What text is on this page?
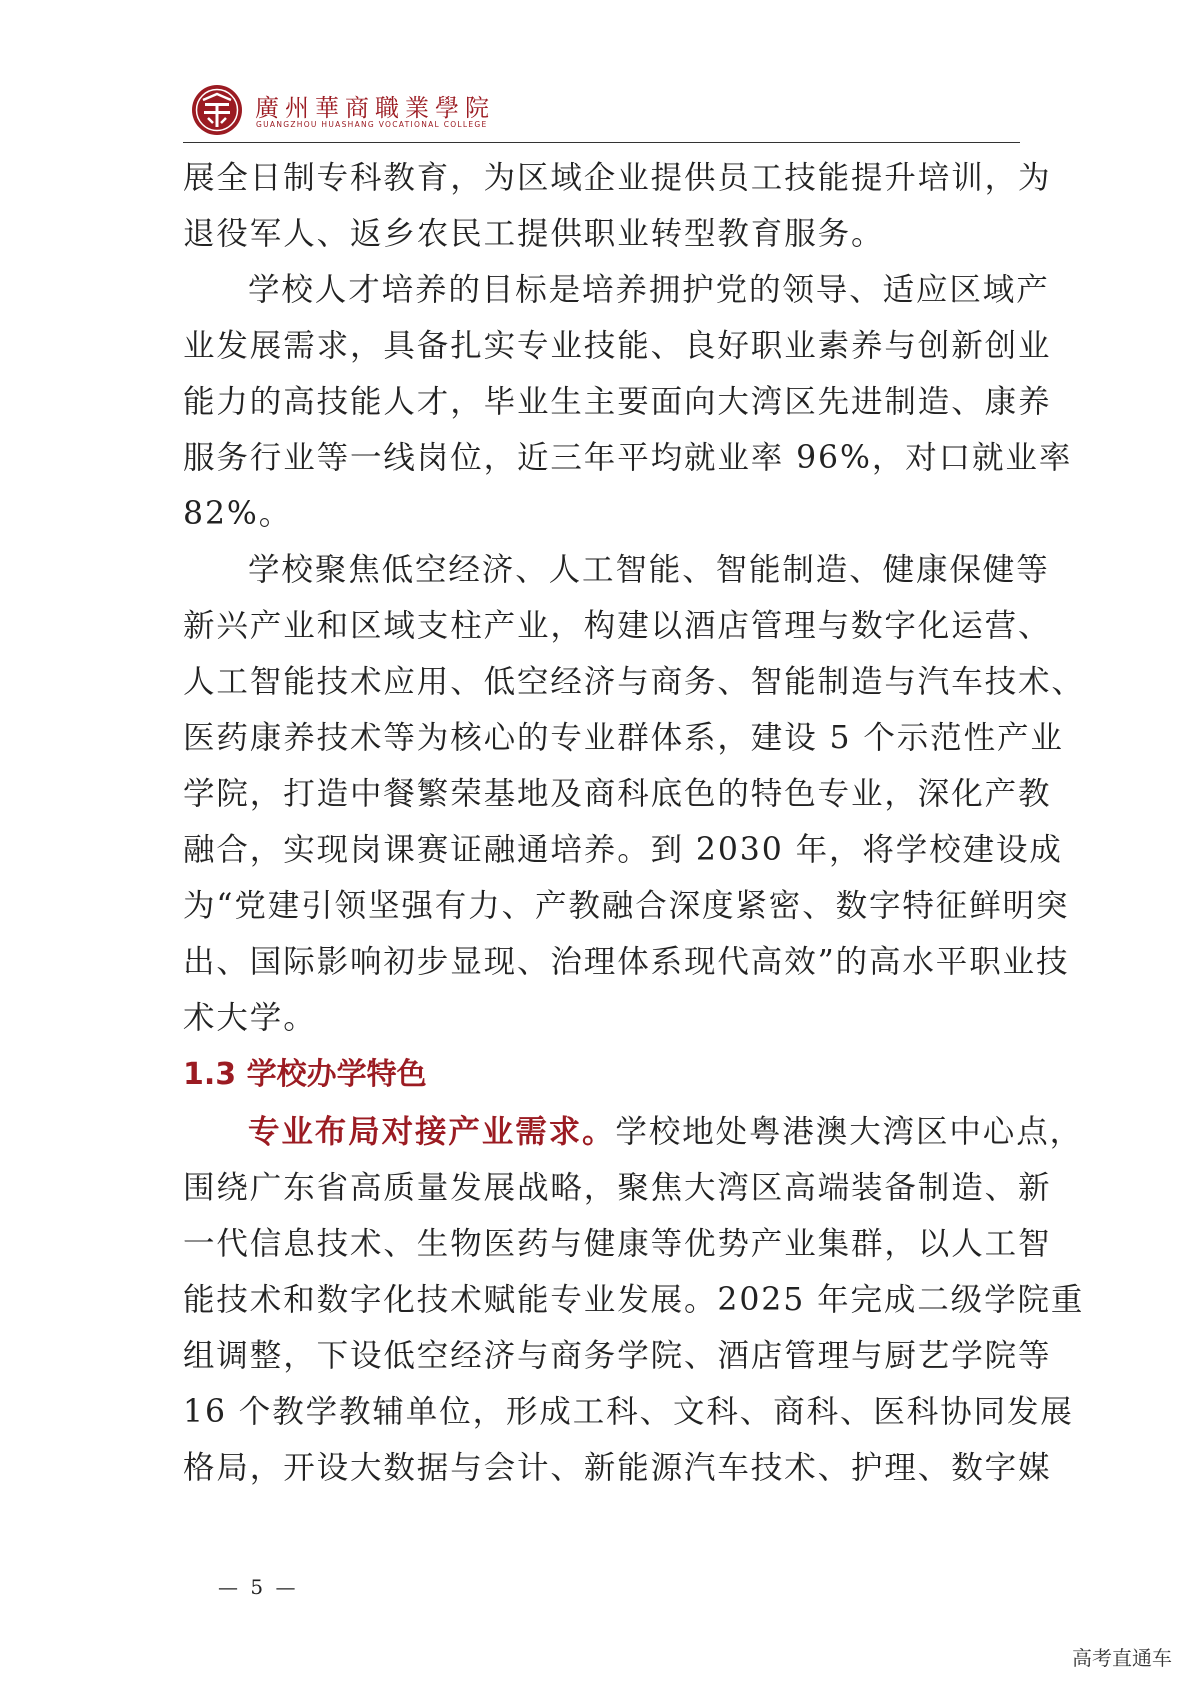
廣州華商職業學院
GUANGZHOU HUASHANG VOCATIONAL COLLEGE
展全日制专科教育，为区域企业提供员工技能提升培训，为
退役军人、返乡农民工提供职业转型教育服务。
学校人才培养的目标是培养拥护党的领导、适应区域产
业发展需求，具备扎实专业技能、良好职业素养与创新创业
能力的高技能人才，毕业生主要面向大湾区先进制造、康养
服务行业等一线岗位，近三年平均就业率 96%，对口就业率
82%。
学校聚焦低空经济、人工智能、智能制造、健康保健等
新兴产业和区域支柱产业，构建以酒店管理与数字化运营、
人工智能技术应用、低空经济与商务、智能制造与汽车技术、
医药康养技术等为核心的专业群体系，建设 5 个示范性产业
学院，打造中餐繁荣基地及商科底色的特色专业，深化产教
融合，实现岗课赛证融通培养。到 2030 年，将学校建设成
为“党建引领坚强有力、产教融合深度紧密、数字特征鲜明突
出、国际影响初步显现、治理体系现代高效”的高水平职业技
术大学。
1.3 学校办学特色
专业布局对接产业需求。学校地处粤港澳大湾区中心点，
围绕广东省高质量发展战略，聚焦大湾区高端装备制造、新
一代信息技术、生物医药与健康等优势产业集群，以人工智
能技术和数字化技术赋能专业发展。2025 年完成二级学院重
组调整，下设低空经济与商务学院、酒店管理与厨艺学院等
16 个教学教辅单位，形成工科、文科、商科、医科协同发展
格局，开设大数据与会计、新能源汽车技术、护理、数字媒
— 5 —
高考直通车
